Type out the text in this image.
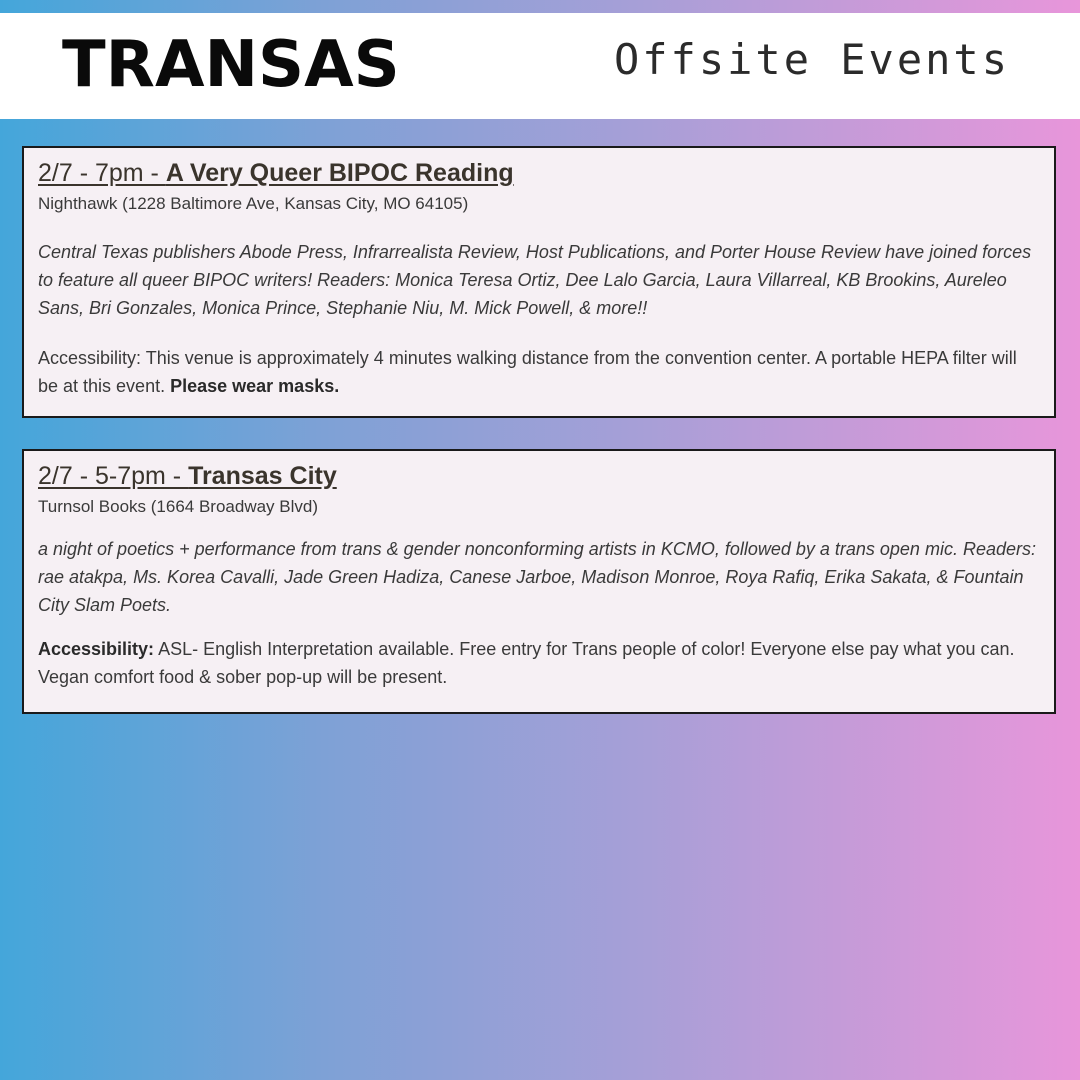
TRANSAS	Offsite Events
2/7 - 7pm - A Very Queer BIPOC Reading
Nighthawk (1228 Baltimore Ave, Kansas City, MO 64105)
Central Texas publishers Abode Press, Infrarrealista Review, Host Publications, and Porter House Review have joined forces to feature all queer BIPOC writers! Readers: Monica Teresa Ortiz, Dee Lalo Garcia, Laura Villarreal, KB Brookins, Aureleo Sans, Bri Gonzales, Monica Prince, Stephanie Niu, M. Mick Powell, & more!!
Accessibility: This venue is approximately 4 minutes walking distance from the convention center. A portable HEPA filter will be at this event. Please wear masks.
2/7 - 5-7pm - Transas City
Turnsol Books (1664 Broadway Blvd)
a night of poetics + performance from trans & gender nonconforming artists in KCMO, followed by a trans open mic. Readers: rae atakpa, Ms. Korea Cavalli, Jade Green Hadiza, Canese Jarboe, Madison Monroe, Roya Rafiq, Erika Sakata, & Fountain City Slam Poets.
Accessibility: ASL- English Interpretation available. Free entry for Trans people of color! Everyone else pay what you can. Vegan comfort food & sober pop-up will be present.
